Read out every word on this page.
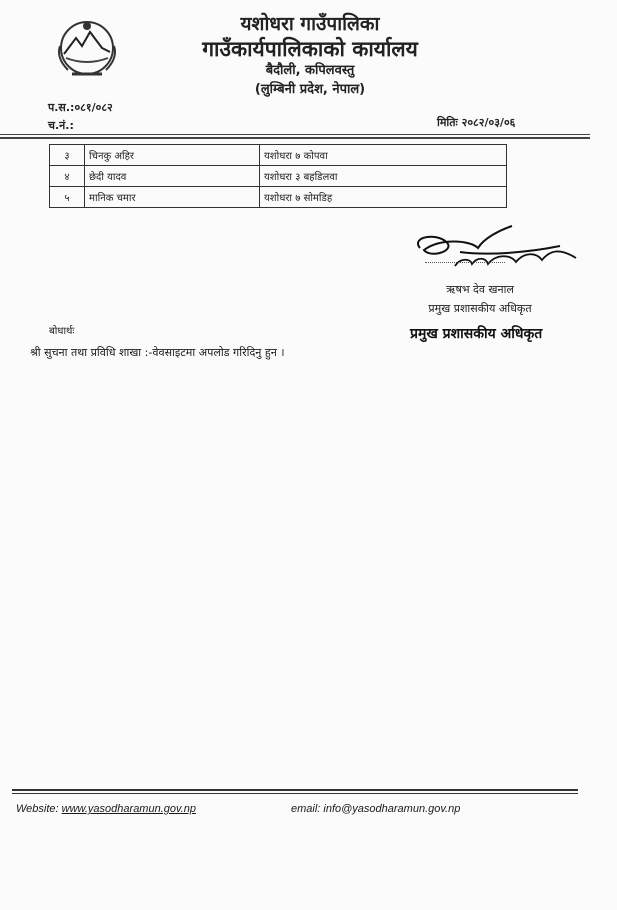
यशोधरा गाउँपालिका
गाउँकार्यपालिकाको कार्यालय
बैदौली, कपिलवस्तु
(लुम्बिनी प्रदेश, नेपाल)
प.स.:०८१/०८२
च.नं.:	मितिः २०८२/०३/०६
३	चिनकु अहिर	यशोधरा ७ कोपवा
४	छेदी यादव	यशोधरा ३ बहडिलवा
५	मानिक चमार	यशोधरा ७ सोमडिह
ऋषभ देव खनाल
प्रमुख प्रशासकीय अधिकृत
प्रमुख प्रशासकीय अधिकृत
बोधार्थः
श्री सुचना तथा प्रविधि शाखा :-वेवसाइटमा अपलोड गरिदिनु हुन ।
Website: www.yasodharamun.gov.np	email: info@yasodharamun.gov.np
